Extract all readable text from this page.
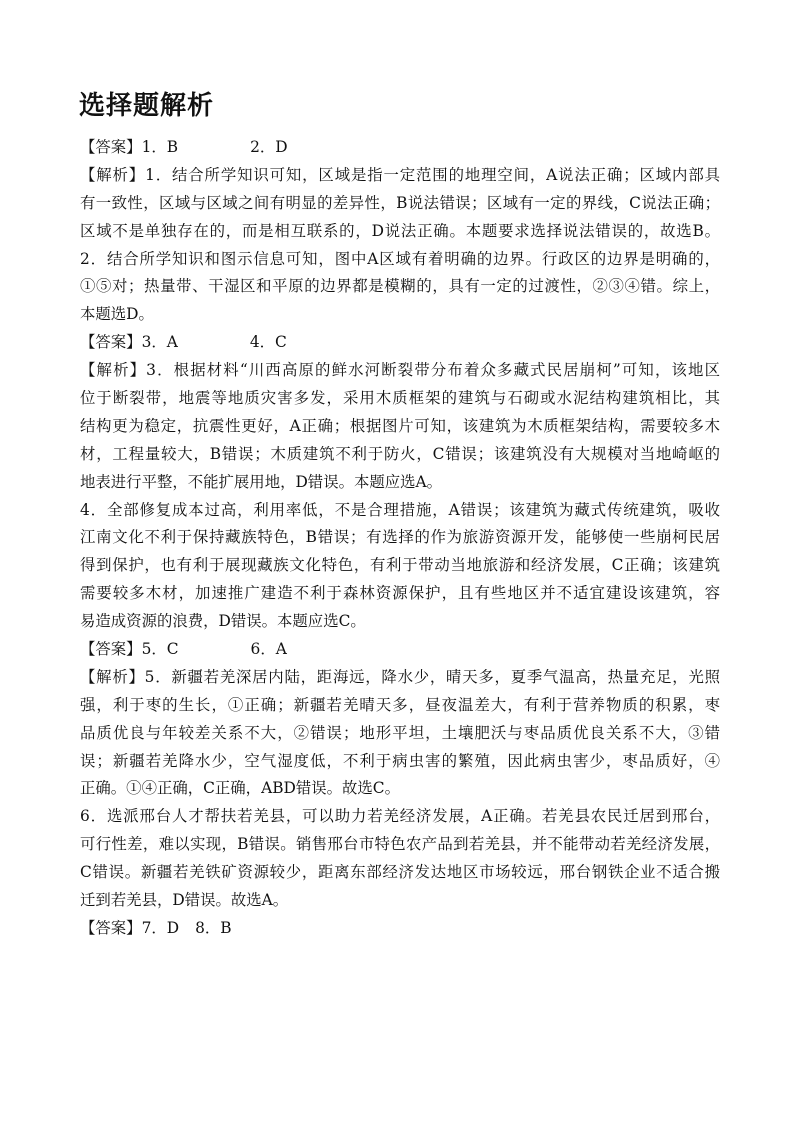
选择题解析
【答案】1．B	2．D
【解析】1．结合所学知识可知，区域是指一定范围的地理空间，A说法正确；区域内部具
有一致性，区域与区域之间有明显的差异性，B说法错误；区域有一定的界线，C说法正确；
区域不是单独存在的，而是相互联系的，D说法正确。本题要求选择说法错误的，故选B。
2．结合所学知识和图示信息可知，图中A区域有着明确的边界。行政区的边界是明确的，
①⑤对；热量带、干湿区和平原的边界都是模糊的，具有一定的过渡性，②③④错。综上，
本题选D。
【答案】3．A	4．C
【解析】3．根据材料“川西高原的鲜水河断裂带分布着众多藏式民居崩柯”可知，该地区
位于断裂带，地震等地质灾害多发，采用木质框架的建筑与石砌或水泥结构建筑相比，其
结构更为稳定，抗震性更好，A正确；根据图片可知，该建筑为木质框架结构，需要较多木
材，工程量较大，B错误；木质建筑不利于防火，C错误；该建筑没有大规模对当地崎岖的
地表进行平整，不能扩展用地，D错误。本题应选A。
4．全部修复成本过高，利用率低，不是合理措施，A错误；该建筑为藏式传统建筑，吸收
江南文化不利于保持藏族特色，B错误；有选择的作为旅游资源开发，能够使一些崩柯民居
得到保护，也有利于展现藏族文化特色，有利于带动当地旅游和经济发展，C正确；该建筑
需要较多木材，加速推广建造不利于森林资源保护，且有些地区并不适宜建设该建筑，容
易造成资源的浪费，D错误。本题应选C。
【答案】5．C	6．A
【解析】5．新疆若羌深居内陆，距海远，降水少，晴天多，夏季气温高，热量充足，光照
强，利于枣的生长，①正确；新疆若羌晴天多，昼夜温差大，有利于营养物质的积累，枣
品质优良与年较差关系不大，②错误；地形平坦，土壤肥沃与枣品质优良关系不大，③错
误；新疆若羌降水少，空气湿度低，不利于病虫害的繁殖，因此病虫害少，枣品质好，④
正确。①④正确，C正确，ABD错误。故选C。
6．选派邢台人才帮扶若羌县，可以助力若羌经济发展，A正确。若羌县农民迁居到邢台，
可行性差，难以实现，B错误。销售邢台市特色农产品到若羌县，并不能带动若羌经济发展，
C错误。新疆若羌铁矿资源较少，距离东部经济发达地区市场较远，邢台钢铁企业不适合搬
迁到若羌县，D错误。故选A。
【答案】7．D 8．B
